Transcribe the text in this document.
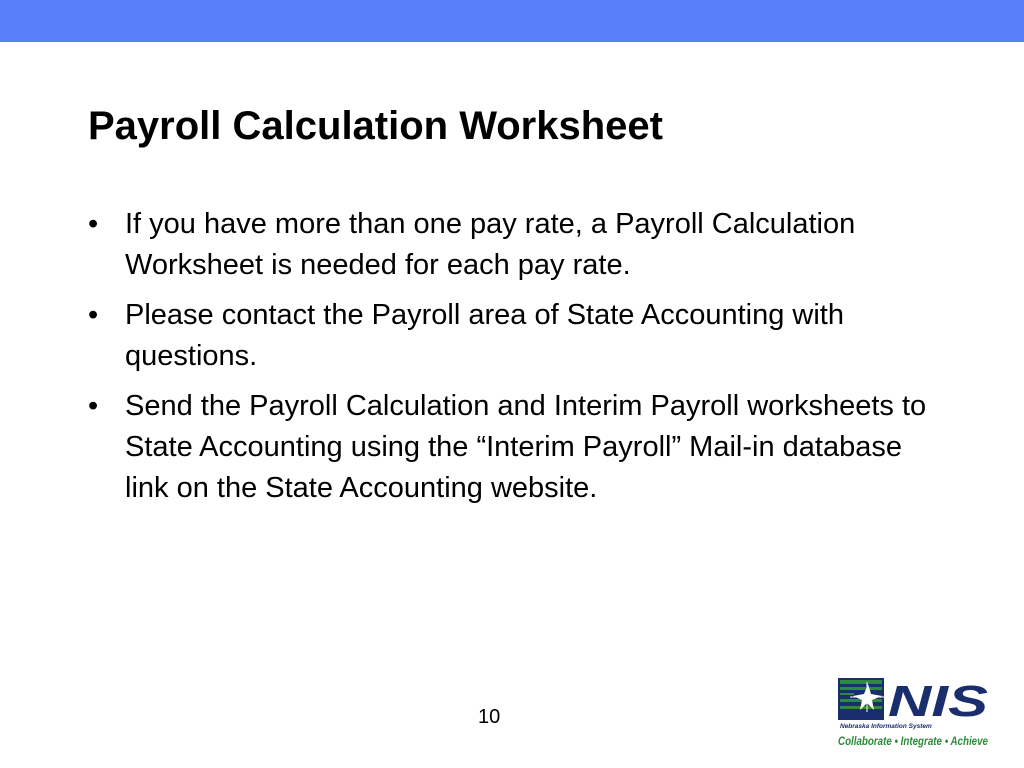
Payroll Calculation Worksheet
• If you have more than one pay rate, a Payroll Calculation Worksheet is needed for each pay rate.
• Please contact the Payroll area of State Accounting with questions.
• Send the Payroll Calculation and Interim Payroll worksheets to State Accounting using the “Interim Payroll” Mail-in database link on the State Accounting website.
10	NIS
Nebraska Information System
Collaborate • Integrate • Achieve
